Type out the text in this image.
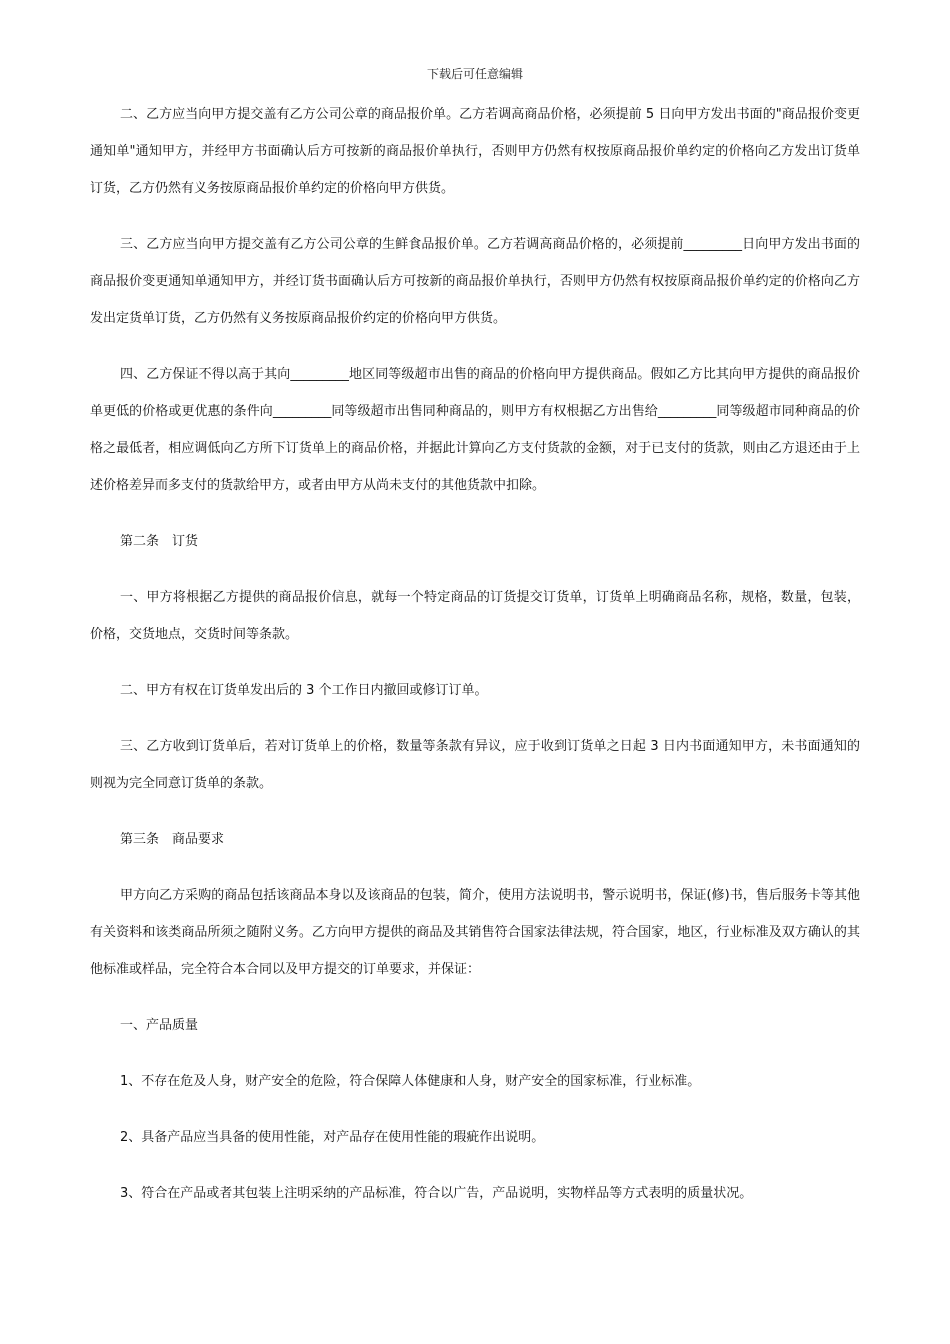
下载后可任意编辑

二、乙方应当向甲方提交盖有乙方公司公章的商品报价单。乙方若调高商品价格，必须提前 5 日向甲方发出书面的"商品报价变更通知单"通知甲方，并经甲方书面确认后方可按新的商品报价单执行，否则甲方仍然有权按原商品报价单约定的价格向乙方发出订货单订货，乙方仍然有义务按原商品报价单约定的价格向甲方供货。

三、乙方应当向甲方提交盖有乙方公司公章的生鲜食品报价单。乙方若调高商品价格的，必须提前_________日向甲方发出书面的商品报价变更通知单通知甲方，并经订货书面确认后方可按新的商品报价单执行，否则甲方仍然有权按原商品报价单约定的价格向乙方发出定货单订货，乙方仍然有义务按原商品报价约定的价格向甲方供货。

四、乙方保证不得以高于其向_________地区同等级超市出售的商品的价格向甲方提供商品。假如乙方比其向甲方提供的商品报价单更低的价格或更优惠的条件向_________同等级超市出售同种商品的，则甲方有权根据乙方出售给_________同等级超市同种商品的价格之最低者，相应调低向乙方所下订货单上的商品价格，并据此计算向乙方支付货款的金额，对于已支付的货款，则由乙方退还由于上述价格差异而多支付的货款给甲方，或者由甲方从尚未支付的其他货款中扣除。

第二条　订货

一、甲方将根据乙方提供的商品报价信息，就每一个特定商品的订货提交订货单，订货单上明确商品名称，规格，数量，包装，价格，交货地点，交货时间等条款。

二、甲方有权在订货单发出后的 3 个工作日内撤回或修订订单。

三、乙方收到订货单后，若对订货单上的价格，数量等条款有异议，应于收到订货单之日起 3 日内书面通知甲方，未书面通知的则视为完全同意订货单的条款。

第三条　商品要求

甲方向乙方采购的商品包括该商品本身以及该商品的包装，简介，使用方法说明书，警示说明书，保证(修)书，售后服务卡等其他有关资料和该类商品所须之随附义务。乙方向甲方提供的商品及其销售符合国家法律法规，符合国家，地区，行业标准及双方确认的其他标准或样品，完全符合本合同以及甲方提交的订单要求，并保证：

一、产品质量

1、不存在危及人身，财产安全的危险，符合保障人体健康和人身，财产安全的国家标准，行业标准。

2、具备产品应当具备的使用性能，对产品存在使用性能的瑕疵作出说明。

3、符合在产品或者其包装上注明采纳的产品标准，符合以广告，产品说明，实物样品等方式表明的质量状况。
